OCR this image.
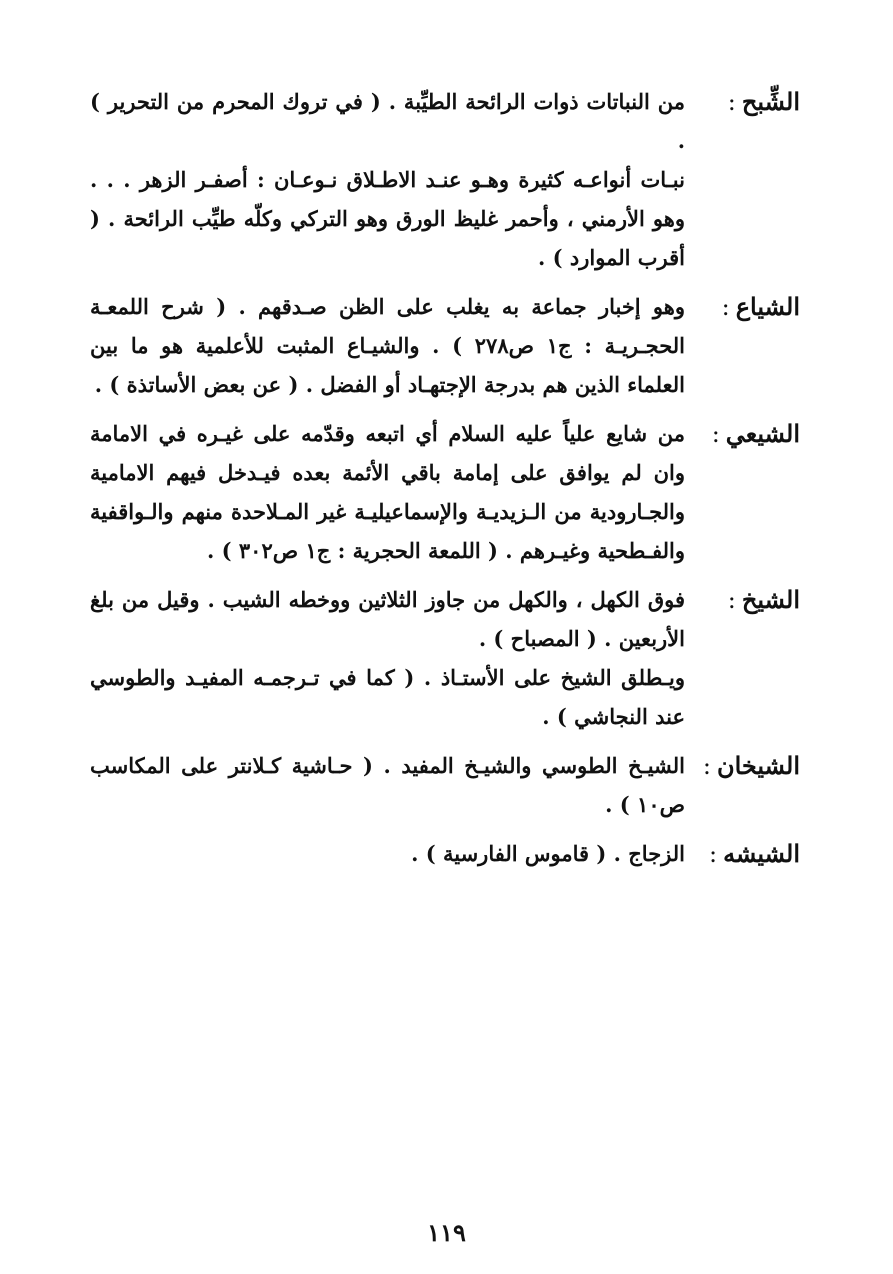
الشِّبح:

من النباتات ذوات الرائحة الطيِّبة . ( في تروك المحرم من التحرير ) .

نبـات أنواعـه كثيرة وهـو عنـد الاطـلاق نـوعـان : أصفـر الزهر . . . وهو الأرمني ، وأحمر غليظ الورق وهو التركي وكلّه طيِّب الرائحة . ( أقرب الموارد ) .

الشياع:

وهو إخبار جماعة به يغلب على الظن صـدقهم . ( شرح اللمعـة الحجـريـة : ج١ ص٢٧٨ ) . والشيـاع المثبت للأعلمية هو ما بين العلماء الذين هم بدرجة الإجتهـاد أو الفضل . ( عن بعض الأساتذة ) .

الشيعي:

من شايع علياً عليه السلام أي اتبعه وقدّمه على غيـره في الامامة وان لم يوافق على إمامة باقي الأئمة بعده فيـدخل فيهم الامامية والجـارودية من الـزيديـة والإسماعيليـة غير المـلاحدة منهم والـواقفية والفـطحية وغيـرهم . ( اللمعة الحجرية : ج١ ص٣٠٢ ) .

الشيخ:

فوق الكهل ، والكهل من جاوز الثلاثين ووخطه الشيب . وقيل من بلغ الأربعين . ( المصباح ) .

ويـطلق الشيخ على الأستـاذ . ( كما في تـرجمـه المفيـد والطوسي عند النجاشي ) .

الشيخان:

الشيـخ الطوسي والشيـخ المفيد . ( حـاشية كـلانتر على المكاسب ص١٠ ) .

الشيشه:

الزجاج . ( قاموس الفارسية ) .

١١٩
